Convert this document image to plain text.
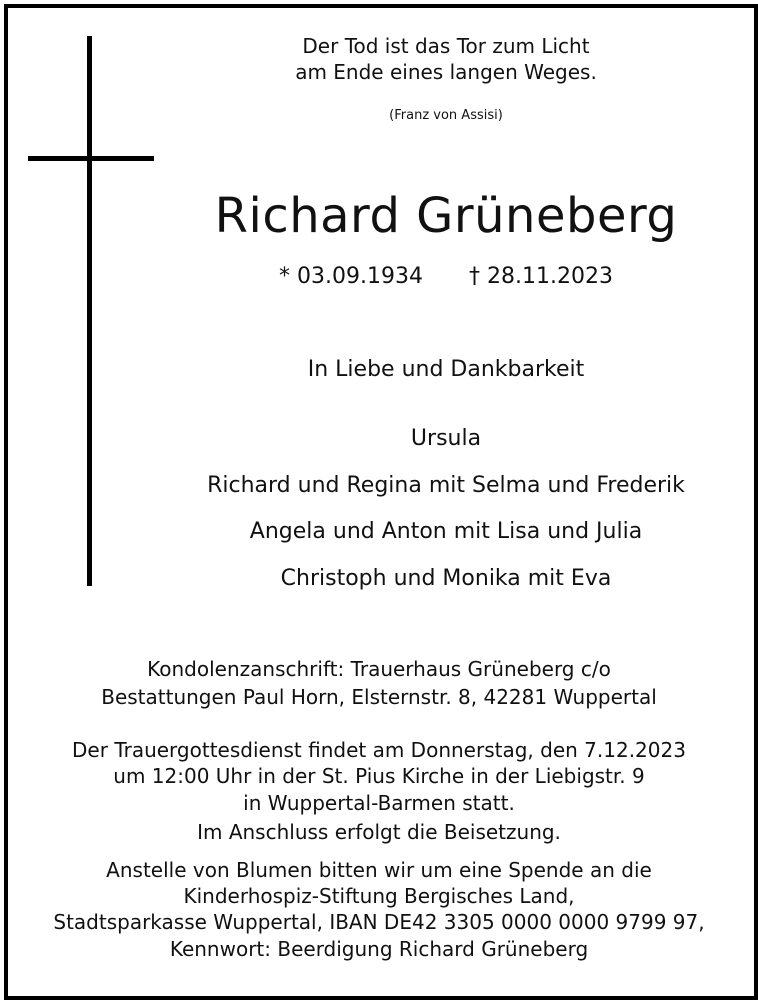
Der Tod ist das Tor zum Licht
am Ende eines langen Weges.
(Franz von Assisi)
Richard Grüneberg
* 03.09.1934 † 28.11.2023
In Liebe und Dankbarkeit
Ursula
Richard und Regina mit Selma und Frederik
Angela und Anton mit Lisa und Julia
Christoph und Monika mit Eva
Kondolenzanschrift: Trauerhaus Grüneberg c/o
Bestattungen Paul Horn, Elsternstr. 8, 42281 Wuppertal
Der Trauergottesdienst findet am Donnerstag, den 7.12.2023
um 12:00 Uhr in der St. Pius Kirche in der Liebigstr. 9
in Wuppertal-Barmen statt.
Im Anschluss erfolgt die Beisetzung.
Anstelle von Blumen bitten wir um eine Spende an die
Kinderhospiz-Stiftung Bergisches Land,
Stadtsparkasse Wuppertal, IBAN DE42 3305 0000 0000 9799 97,
Kennwort: Beerdigung Richard Grüneberg
